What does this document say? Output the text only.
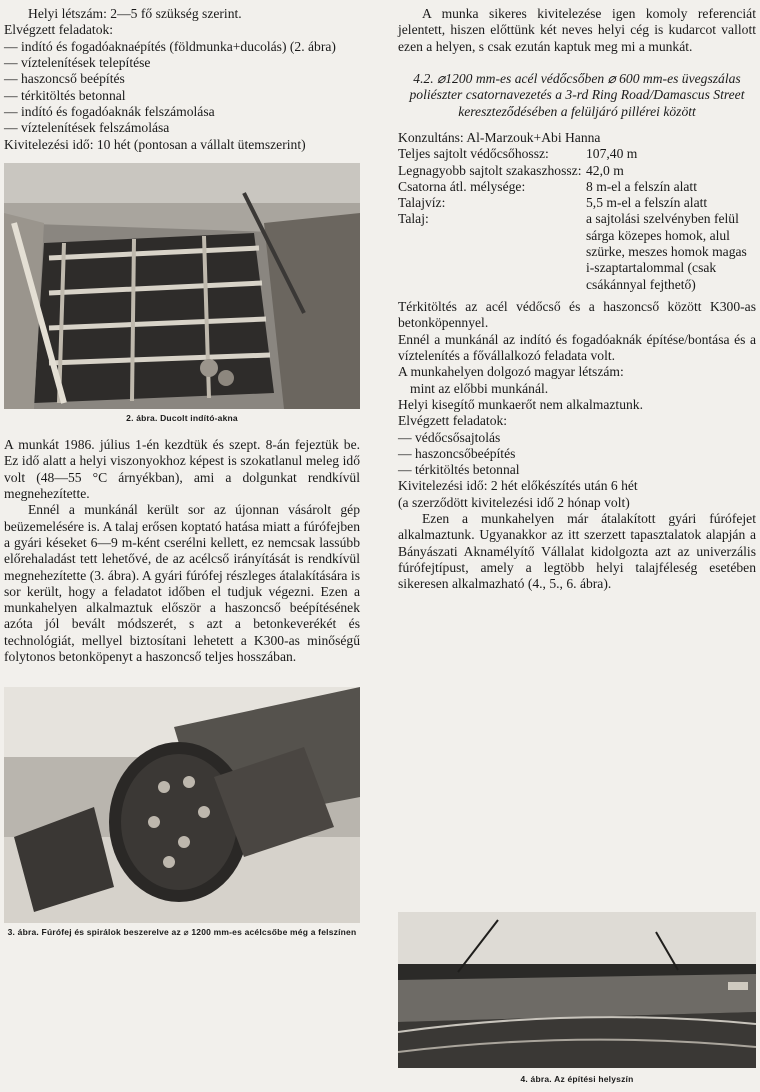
Helyi létszám: 2—5 fő szükség szerint.

Elvégzett feladatok:

— indító és fogadóaknaépítés (földmunka+ducolás) (2. ábra)

— víztelenítések telepítése

— haszoncső beépítés

— térkitöltés betonnal

— indító és fogadóaknák felszámolása

— víztelenítések felszámolása

Kivitelezési idő: 10 hét (pontosan a vállalt ütemszerint)

2. ábra. Ducolt indító-akna

A munkát 1986. július 1-én kezdtük és szept. 8-án fejeztük be. Ez idő alatt a helyi viszonyokhoz képest is szokatlanul meleg idő volt (48—55 °C árnyékban), ami a dolgunkat rendkívül megnehezítette.

Ennél a munkánál került sor az újonnan vásárolt gép beüzemelésére is. A talaj erősen koptató hatása miatt a fúrófejben a gyári késeket 6—9 m-ként cserélni kellett, ez nemcsak lassúbb előrehaladást tett lehetővé, de az acélcső irányítását is rendkívül megnehezítette (3. ábra). A gyári fúrófej részleges átalakítására is sor került, hogy a feladatot időben el tudjuk végezni. Ezen a munkahelyen alkalmaztuk először a haszoncső beépítésének azóta jól bevált módszerét, s azt a betonkeverékét és technológiát, mellyel biztosítani lehetett a K300-as minőségű folytonos betonköpenyt a haszoncső teljes hosszában.

3. ábra. Fúrófej és spirálok beszerelve az ⌀ 1200 mm-es acélcsőbe még a felszínen

A munka sikeres kivitelezése igen komoly referenciát jelentett, hiszen előttünk két neves helyi cég is kudarcot vallott ezen a helyen, s csak ezután kaptuk meg mi a munkát.

4.2. ⌀1200 mm-es acél védőcsőben ⌀ 600 mm-es üvegszálas poliészter csatornavezetés a 3-rd Ring Road/Damascus Street kereszteződésében a felüljáró pillérei között

Konzultáns: Al-Marzouk+Abi Hanna

Teljes sajtolt védőcsőhossz:	107,40 m
Legnagyobb sajtolt szakaszhossz: 42,0 m
Csatorna átl. mélysége:	8 m-el a felszín alatt
Talajvíz:	5,5 m-el a felszín alatt
Talaj:	a sajtolási szelvényben felül sárga közepes homok, alul szürke, meszes homok magas i-szaptartalommal (csak csákánnyal fejthető)

Térkitöltés az acél védőcső és a haszoncső között K300-as betonköpennyel.

Ennél a munkánál az indító és fogadóaknák építése/bontása és a víztelenítés a fővállalkozó feladata volt.

A munkahelyen dolgozó magyar létszám:

mint az előbbi munkánál.

Helyi kisegítő munkaerőt nem alkalmaztunk.

Elvégzett feladatok:

— védőcsősajtolás

— haszoncsőbeépítés

— térkitöltés betonnal

Kivitelezési idő: 2 hét előkészítés után 6 hét

(a szerződött kivitelezési idő 2 hónap volt)

Ezen a munkahelyen már átalakított gyári fúrófejet alkalmaztunk. Ugyanakkor az itt szerzett tapasztalatok alapján a Bányászati Aknamélyítő Vállalat kidolgozta azt az univerzális fúrófejtípust, amely a legtöbb helyi talajféleség esetében sikeresen alkalmazható (4., 5., 6. ábra).

4. ábra. Az építési helyszín
